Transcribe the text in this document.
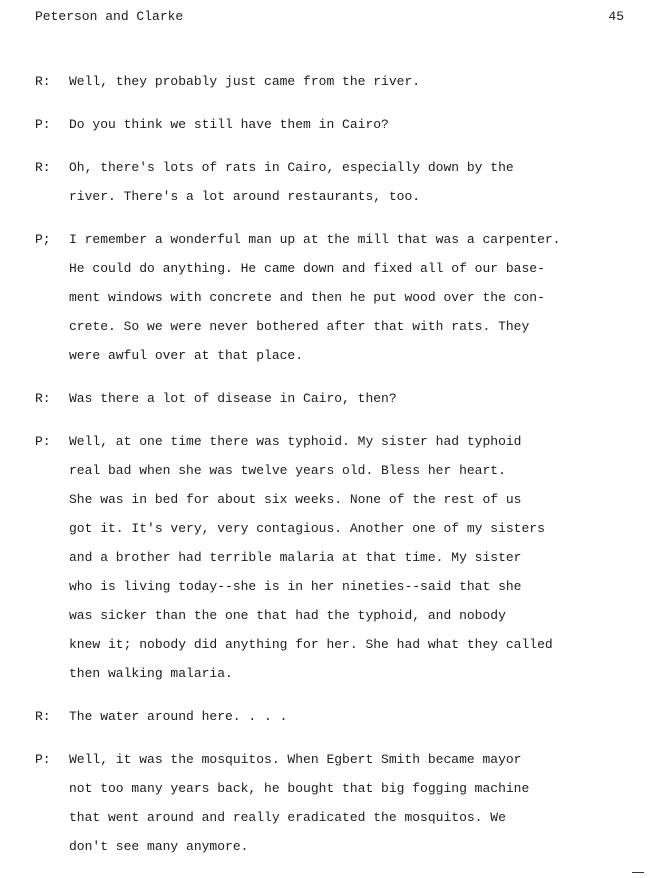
Peterson and Clarke	45
R: Well, they probably just came from the river.
P: Do you think we still have them in Cairo?
R: Oh, there's lots of rats in Cairo, especially down by the
river. There's a lot around restaurants, too.
P; I remember a wonderful man up at the mill that was a carpenter.
He could do anything. He came down and fixed all of our base-
ment windows with concrete and then he put wood over the con-
crete. So we were never bothered after that with rats. They
were awful over at that place.
R: Was there a lot of disease in Cairo, then?
P: Well, at one time there was typhoid. My sister had typhoid
real bad when she was twelve years old. Bless her heart.
She was in bed for about six weeks. None of the rest of us
got it. It's very, very contagious. Another one of my sisters
and a brother had terrible malaria at that time. My sister
who is living today--she is in her nineties--said that she
was sicker than the one that had the typhoid, and nobody
knew it; nobody did anything for her. She had what they called
then walking malaria.
R: The water around here. . . .
P: Well, it was the mosquitos. When Egbert Smith became mayor
not too many years back, he bought that big fogging machine
that went around and really eradicated the mosquitos. We
don't see many anymore.
